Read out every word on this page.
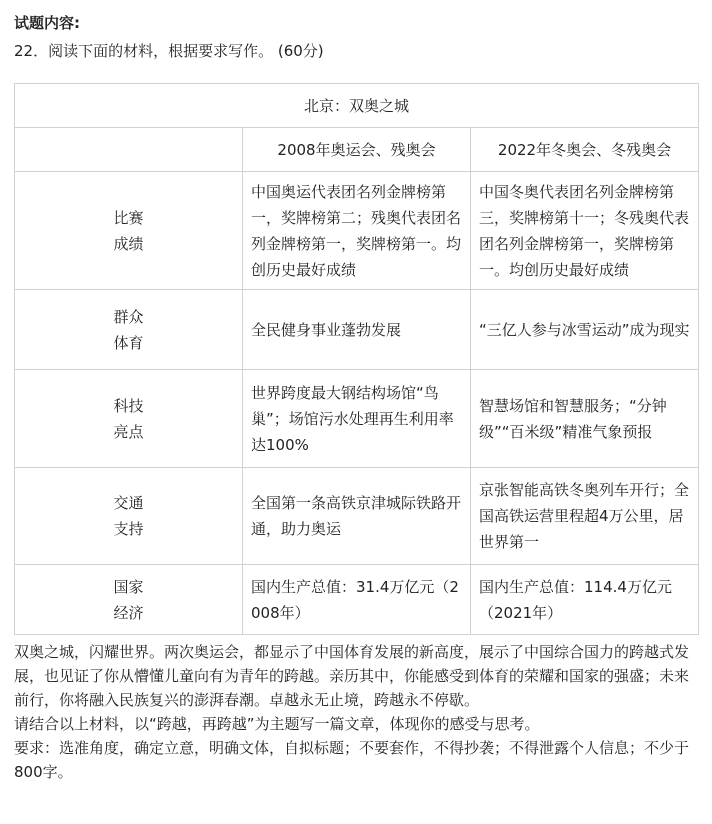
试题内容:
22．阅读下面的材料，根据要求写作。 (60分)
北京：双奥之城		
	2008年奥运会、残奥会	2022年冬奥会、冬残奥会

比赛
成绩	中国奥运代表团名列金牌榜第一，奖牌榜第二；残奥代表团名列金牌榜第一，奖牌榜第一。均创历史最好成绩	中国冬奥代表团名列金牌榜第三，奖牌榜第十一；冬残奥代表团名列金牌榜第一，奖牌榜第一。均创历史最好成绩

群众
体育	全民健身事业蓬勃发展	“三亿人参与冰雪运动”成为现实

科技
亮点	世界跨度最大钢结构场馆“鸟巢”；场馆污水处理再生利用率达100%	智慧场馆和智慧服务；“分钟级”“百米级”精准气象预报

交通
支持	全国第一条高铁京津城际铁路开通，助力奥运	京张智能高铁冬奥列车开行；全国高铁运营里程超4万公里，居世界第一

国家
经济	国内生产总值：31.4万亿元（2008年）	国内生产总值：114.4万亿元（2021年）

双奥之城，闪耀世界。两次奥运会，都显示了中国体育发展的新高度，展示了中国综合国力的跨越式发展，也见证了你从懵懂儿童向有为青年的跨越。亲历其中，你能感受到体育的荣耀和国家的强盛；未来前行，你将融入民族复兴的澎湃春潮。卓越永无止境，跨越永不停歇。

请结合以上材料，以“跨越，再跨越”为主题写一篇文章，体现你的感受与思考。

要求：选准角度，确定立意，明确文体，自拟标题；不要套作，不得抄袭；不得泄露个人信息；不少于800字。
